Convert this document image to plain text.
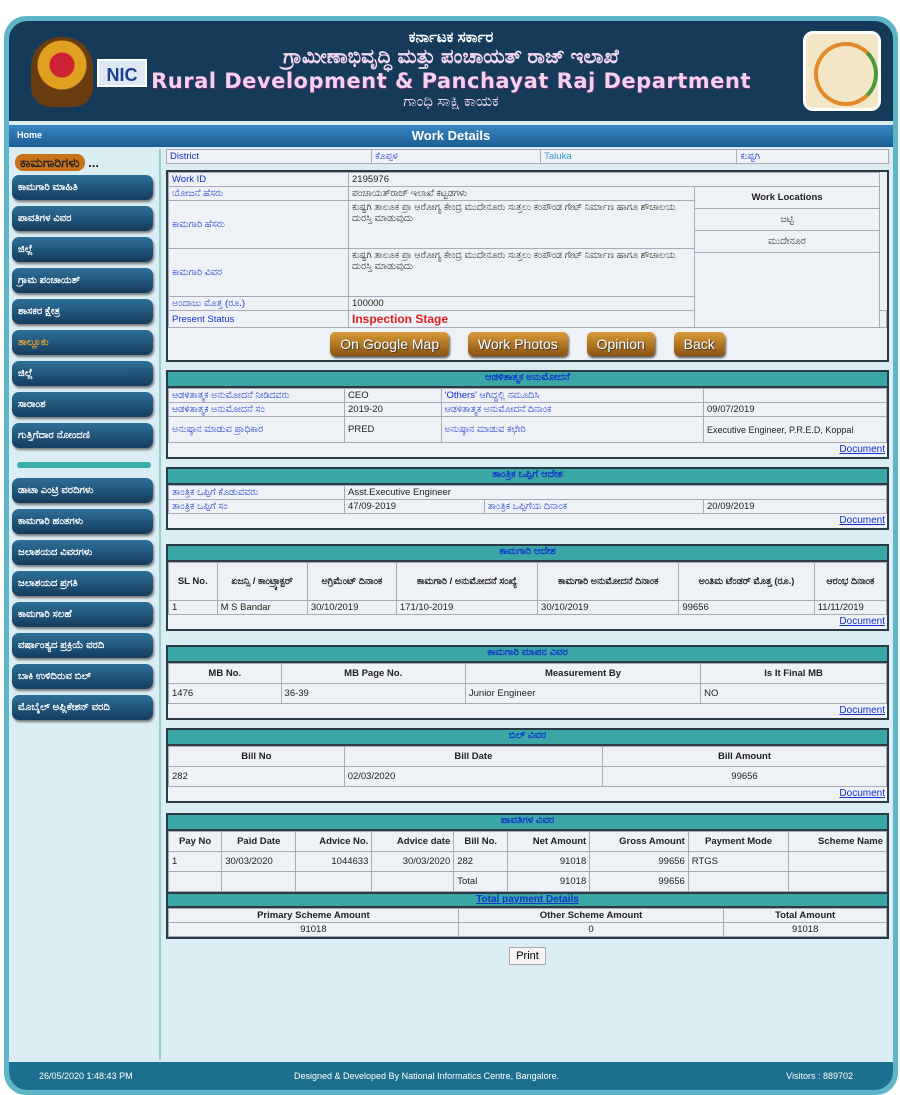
NIC
ಕರ್ನಾಟಕ ಸರ್ಕಾರ
ಗ್ರಾಮೀಣಾಭಿವೃದ್ಧಿ ಮತ್ತು ಪಂಚಾಯತ್ ರಾಜ್ ಇಲಾಖೆ
Rural Development & Panchayat Raj Department
ಗಾಂಧಿ ಸಾಕ್ಷಿ ಕಾಯಕ
Home	Work Details
ಕಾಮಗಾರಿಗಳು ...
ಕಾಮಗಾರಿ ಮಾಹಿತಿ
ಪಾವತಿಗಳ ವಿವರ
ಜಿಲ್ಲೆ
ಗ್ರಾಮ ಪಂಚಾಯತ್
ಶಾಸಕರ ಕ್ಷೇತ್ರ
ತಾಲ್ಲೂಕು
ಜಿಲ್ಲೆ
ಸಾರಾಂಶ
ಗುತ್ತಿಗೆದಾರ ನೋಂದಣಿ
ಡಾಟಾ ಎಂಟ್ರಿ ವರದಿಗಳು
ಕಾಮಗಾರಿ ಹಂತಗಳು
ಜಲಾಶಯದ ವಿವರಗಳು
ಜಲಾಶಯದ ಪ್ರಗತಿ
ಕಾಮಗಾರಿ ಸಲಹೆ
ವರ್ಷಾಂತ್ಯದ ಪ್ರಕ್ರಿಯೆ ವರದಿ
ಬಾಕಿ ಉಳಿದಿರುವ ಬಿಲ್
ಮೊಬೈಲ್ ಅಪ್ಲಿಕೇಶನ್ ವರದಿ
District	ಕೊಪ್ಪಳ	Taluka	ಕುಷ್ಟಗಿ
Work ID	2195976		
ಯೋಜನೆ ಹೆಸರು	ಪಂಚಾಯತ್‌ರಾಜ್ ಇಲಾಖೆ ಕಟ್ಟಡಗಳು	Work Locations
ಜಟ್ಟಿ
ಮುದೇನೂರ	

ಕಾಮಗಾರಿ ಹೆಸರು	ಕುಷ್ಟಗಿ ತಾಲೂಕ ಪ್ರಾ ಆರೋಗ್ಯ ಕೇಂದ್ರ ಮುದೇನೂರು ಸುತ್ತಲು ಕಂಪೌಂಡ ಗೇಟ್ ನಿರ್ಮಾಣ ಹಾಗೂ ಶೌಚಾಲಯ ದುರಸ್ತಿ ಮಾಡುವುದು		
ಕಾಮಗಾರಿ ವಿವರ	ಕುಷ್ಟಗಿ ತಾಲೂಕ ಪ್ರಾ ಆರೋಗ್ಯ ಕೇಂದ್ರ ಮುದೇನೂರು ಸುತ್ತಲು ಕಂಪೌಂಡ ಗೇಟ್ ನಿರ್ಮಾಣ ಹಾಗೂ ಶೌಚಾಲಯ ದುರಸ್ತಿ ಮಾಡುವುದು		
ಅಂದಾಜು ಮೊತ್ತ (ರೂ.)	100000		
Present Status	Inspection Stage		
On Google Map	Work Photos	Opinion	Back
ಆಡಳಿತಾತ್ಮಕ ಅನುಮೋದನೆ
ಆಡಳಿತಾತ್ಮಕ ಅನುಮೋದನೆ ನೀಡಿದವರು	CEO	'Others' ಆಗಿದ್ದಲ್ಲಿ ನಮೂದಿಸಿ	
ಆಡಳಿತಾತ್ಮಕ ಅನುಮೋದನೆ ಸಂ	2019-20	ಆಡಳಿತಾತ್ಮಕ ಅನುಮೋದನೆ ದಿನಾಂಕ	09/07/2019
ಅನುಷ್ಠಾನ ಮಾಡುವ ಪ್ರಾಧಿಕಾರ	PRED	ಅನುಷ್ಠಾನ ಮಾಡುವ ಕಛೇರಿ	Executive Engineer, P.R.E.D, Koppal
Document
ತಾಂತ್ರಿಕ ಒಪ್ಪಿಗೆ ಆದೇಶ
ತಾಂತ್ರಿಕ ಒಪ್ಪಿಗೆ ಕೊಡುವವರು	Asst.Executive Engineer		
ತಾಂತ್ರಿಕ ಒಪ್ಪಿಗೆ ಸಂ	47/09-2019	ತಾಂತ್ರಿಕ ಒಪ್ಪಿಗೆಯ ದಿನಾಂಕ	20/09/2019
Document
ಕಾಮಗಾರಿ ಆದೇಶ
SL No.	ಏಜನ್ಸಿ / ಕಾಂಟ್ರ್ಯಾಕ್ಟರ್	ಅಗ್ರಿಮೆಂಟ್ ದಿನಾಂಕ	ಕಾಮಗಾರಿ / ಅನುಮೋದನೆ ಸಂಖ್ಯೆ	ಕಾಮಗಾರಿ ಅನುಮೋದನೆ ದಿನಾಂಕ	ಅಂತಿಮ ಟೆಂಡರ್ ಮೊತ್ತ (ರೂ.)	ಆರಂಭ ದಿನಾಂಕ
1	M S Bandar	30/10/2019	171/10-2019	30/10/2019	99656	11/11/2019
Document
ಕಾಮಗಾರಿ ಮಾಪನ ವಿವರ
MB No.	MB Page No.	Measurement By	Is It Final MB
1476	36-39	Junior Engineer	NO
Document
ಬಿಲ್ ವಿವರ
Bill No	Bill Date	Bill Amount
282	02/03/2020	99656
Document
ಪಾವತಿಗಳ ವಿವರ
Pay No	Paid Date	Advice No.	Advice date	Bill No.	Net Amount	Gross Amount	Payment Mode	Scheme Name
1	30/03/2020	1044633	30/03/2020	282	91018	99656	RTGS	
				Total	91018	99656		
Total payment Details
Primary Scheme Amount	Other Scheme Amount	Total Amount
91018	0	91018
Print
26/05/2020 1:48:43 PM	Designed & Developed By National Informatics Centre, Bangalore.	Visitors : 889702
